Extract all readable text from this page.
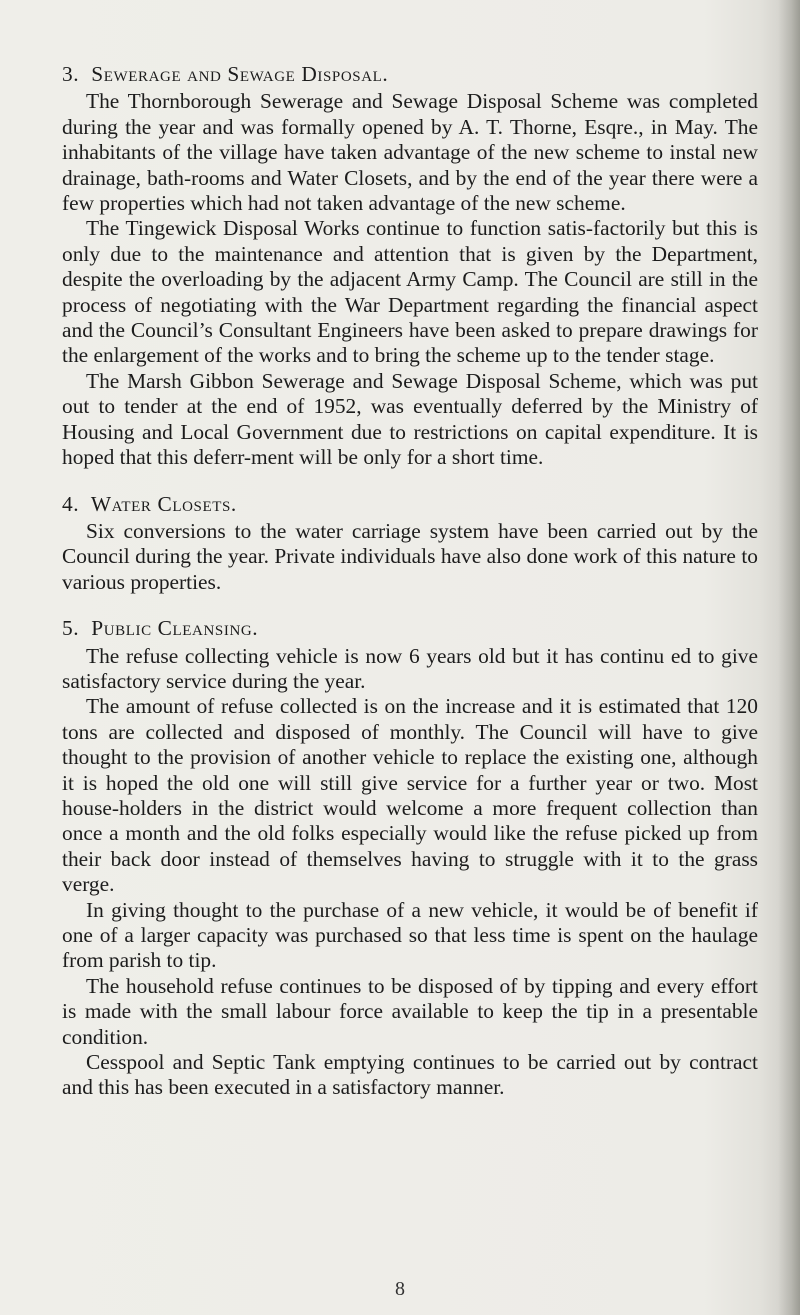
3. Sewerage and Sewage Disposal.

The Thornborough Sewerage and Sewage Disposal Scheme was completed during the year and was formally opened by A. T. Thorne, Esqre., in May. The inhabitants of the village have taken advantage of the new scheme to instal new drainage, bath-rooms and Water Closets, and by the end of the year there were a few properties which had not taken advantage of the new scheme.

The Tingewick Disposal Works continue to function satis-factorily but this is only due to the maintenance and attention that is given by the Department, despite the overloading by the adjacent Army Camp. The Council are still in the process of negotiating with the War Department regarding the financial aspect and the Council’s Consultant Engineers have been asked to prepare drawings for the enlargement of the works and to bring the scheme up to the tender stage.

The Marsh Gibbon Sewerage and Sewage Disposal Scheme, which was put out to tender at the end of 1952, was eventually deferred by the Ministry of Housing and Local Government due to restrictions on capital expenditure. It is hoped that this deferr-ment will be only for a short time.

4. Water Closets.

Six conversions to the water carriage system have been carried out by the Council during the year. Private individuals have also done work of this nature to various properties.

5. Public Cleansing.

The refuse collecting vehicle is now 6 years old but it has continu ed to give satisfactory service during the year.

The amount of refuse collected is on the increase and it is estimated that 120 tons are collected and disposed of monthly. The Council will have to give thought to the provision of another vehicle to replace the existing one, although it is hoped the old one will still give service for a further year or two. Most house-holders in the district would welcome a more frequent collection than once a month and the old folks especially would like the refuse picked up from their back door instead of themselves having to struggle with it to the grass verge.

In giving thought to the purchase of a new vehicle, it would be of benefit if one of a larger capacity was purchased so that less time is spent on the haulage from parish to tip.

The household refuse continues to be disposed of by tipping and every effort is made with the small labour force available to keep the tip in a presentable condition.

Cesspool and Septic Tank emptying continues to be carried out by contract and this has been executed in a satisfactory manner.

8
